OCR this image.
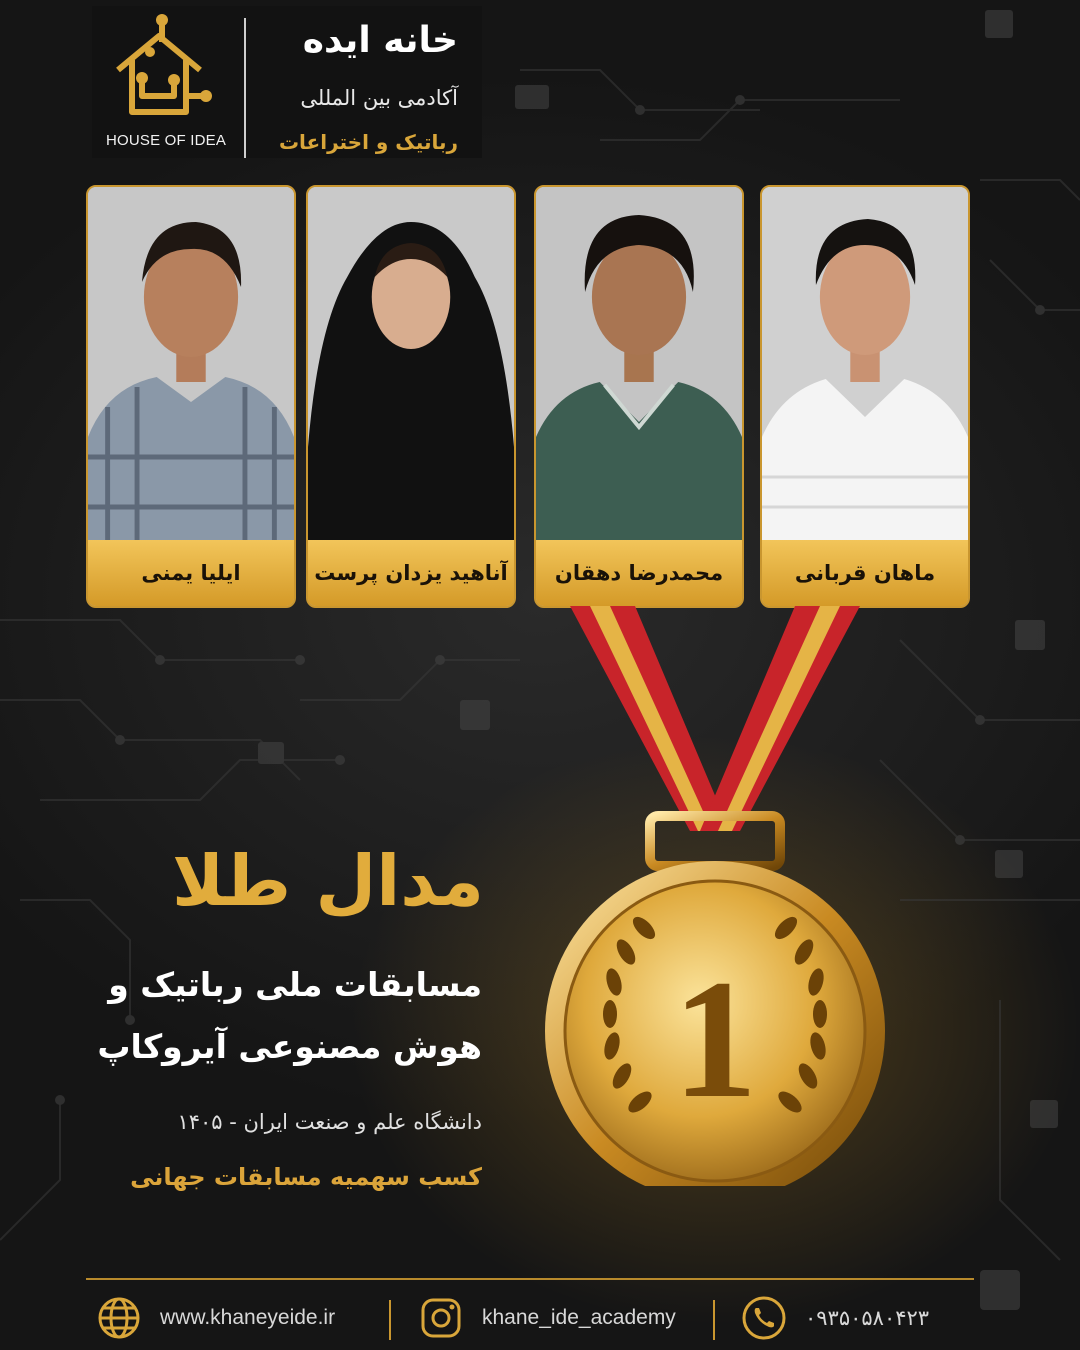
HOUSE OF IDEA
خانه ایده
آکادمی بین المللی
رباتیک و اختراعات
ایلیا یمنی	آناهید یزدان پرست محمدرضا دهقان	ماهان قربانی
1
مدال طلا
مسابقات ملی رباتیک و
هوش مصنوعی آیروکاپ
دانشگاه علم و صنعت ایران - ۱۴۰۵
کسب سهمیه مسابقات جهانی
www.khaneyeide.ir	khane_ide_academy	۰۹۳۵۰۵۸۰۴۲۳
